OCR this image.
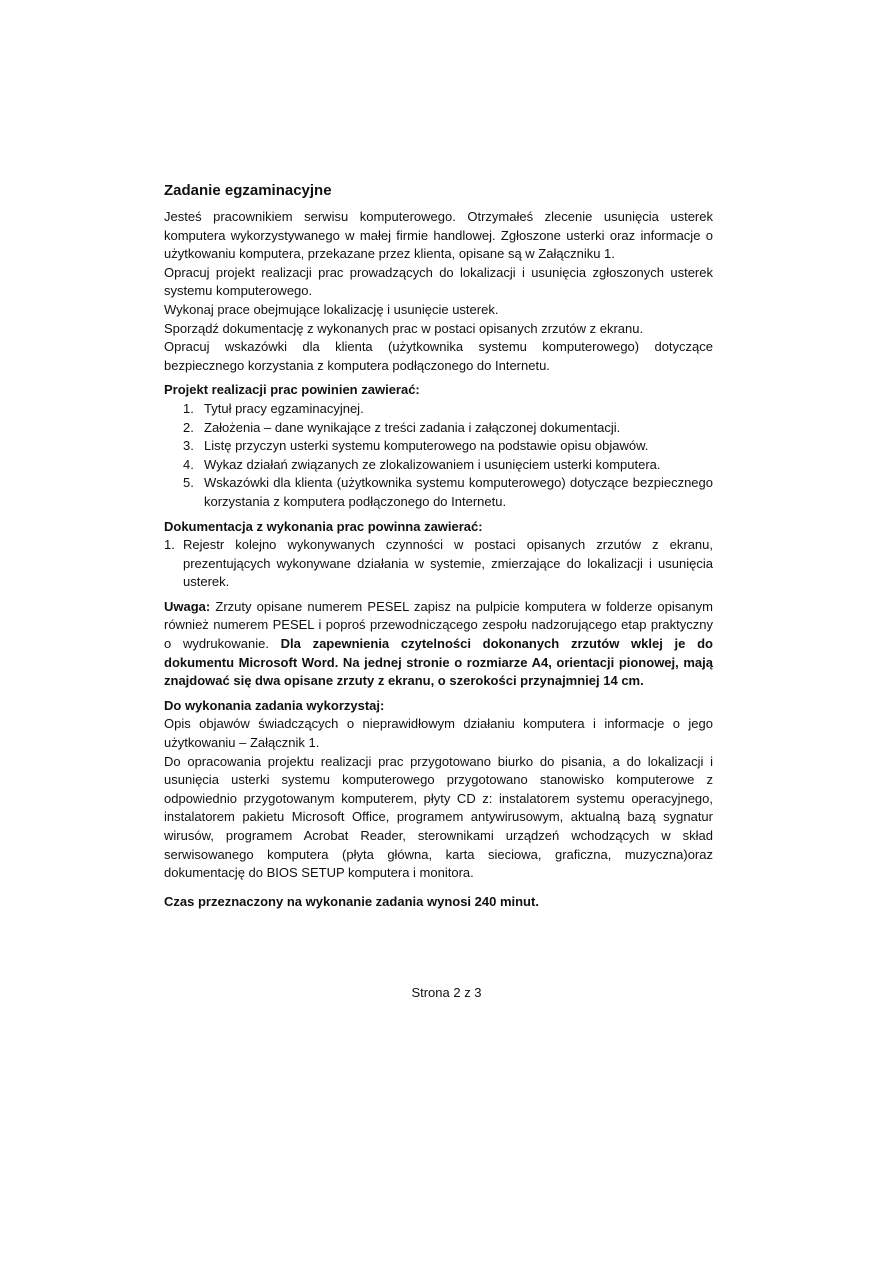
Zadanie egzaminacyjne

Jesteś pracownikiem serwisu komputerowego. Otrzymałeś zlecenie usunięcia usterek komputera wykorzystywanego w małej firmie handlowej. Zgłoszone usterki oraz informacje o użytkowaniu komputera, przekazane przez klienta, opisane są w Załączniku 1.

Opracuj projekt realizacji prac prowadzących do lokalizacji i usunięcia zgłoszonych usterek systemu komputerowego.

Wykonaj prace obejmujące lokalizację i usunięcie usterek.

Sporządź dokumentację z wykonanych prac w postaci opisanych zrzutów z ekranu.

Opracuj wskazówki dla klienta (użytkownika systemu komputerowego) dotyczące bezpiecznego korzystania z komputera podłączonego do Internetu.

Projekt realizacji prac powinien zawierać:

1. Tytuł pracy egzaminacyjnej.
2. Założenia – dane wynikające z treści zadania i załączonej dokumentacji.
3. Listę przyczyn usterki systemu komputerowego na podstawie opisu objawów.
4. Wykaz działań związanych ze zlokalizowaniem i usunięciem usterki komputera.
5. Wskazówki dla klienta (użytkownika systemu komputerowego) dotyczące bezpiecznego korzystania z komputera podłączonego do Internetu.

Dokumentacja z wykonania prac powinna zawierać:

1. Rejestr kolejno wykonywanych czynności w postaci opisanych zrzutów z ekranu, prezentujących wykonywane działania w systemie, zmierzające do lokalizacji i usunięcia usterek.

Uwaga: Zrzuty opisane numerem PESEL zapisz na pulpicie komputera w folderze opisanym również numerem PESEL i poproś przewodniczącego zespołu nadzorującego etap praktyczny o wydrukowanie. Dla zapewnienia czytelności dokonanych zrzutów wklej je do dokumentu Microsoft Word. Na jednej stronie o rozmiarze A4, orientacji pionowej, mają znajdować się dwa opisane zrzuty z ekranu, o szerokości przynajmniej 14 cm.

Do wykonania zadania wykorzystaj:

Opis objawów świadczących o nieprawidłowym działaniu komputera i informacje o jego użytkowaniu – Załącznik 1.

Do opracowania projektu realizacji prac przygotowano biurko do pisania, a do lokalizacji i usunięcia usterki systemu komputerowego przygotowano stanowisko komputerowe z odpowiednio przygotowanym komputerem, płyty CD z: instalatorem systemu operacyjnego, instalatorem pakietu Microsoft Office, programem antywirusowym, aktualną bazą sygnatur wirusów, programem Acrobat Reader, sterownikami urządzeń wchodzących w skład serwisowanego komputera (płyta główna, karta sieciowa, graficzna, muzyczna)oraz dokumentację do BIOS SETUP komputera i monitora.

Czas przeznaczony na wykonanie zadania wynosi 240 minut.

Strona 2 z 3
